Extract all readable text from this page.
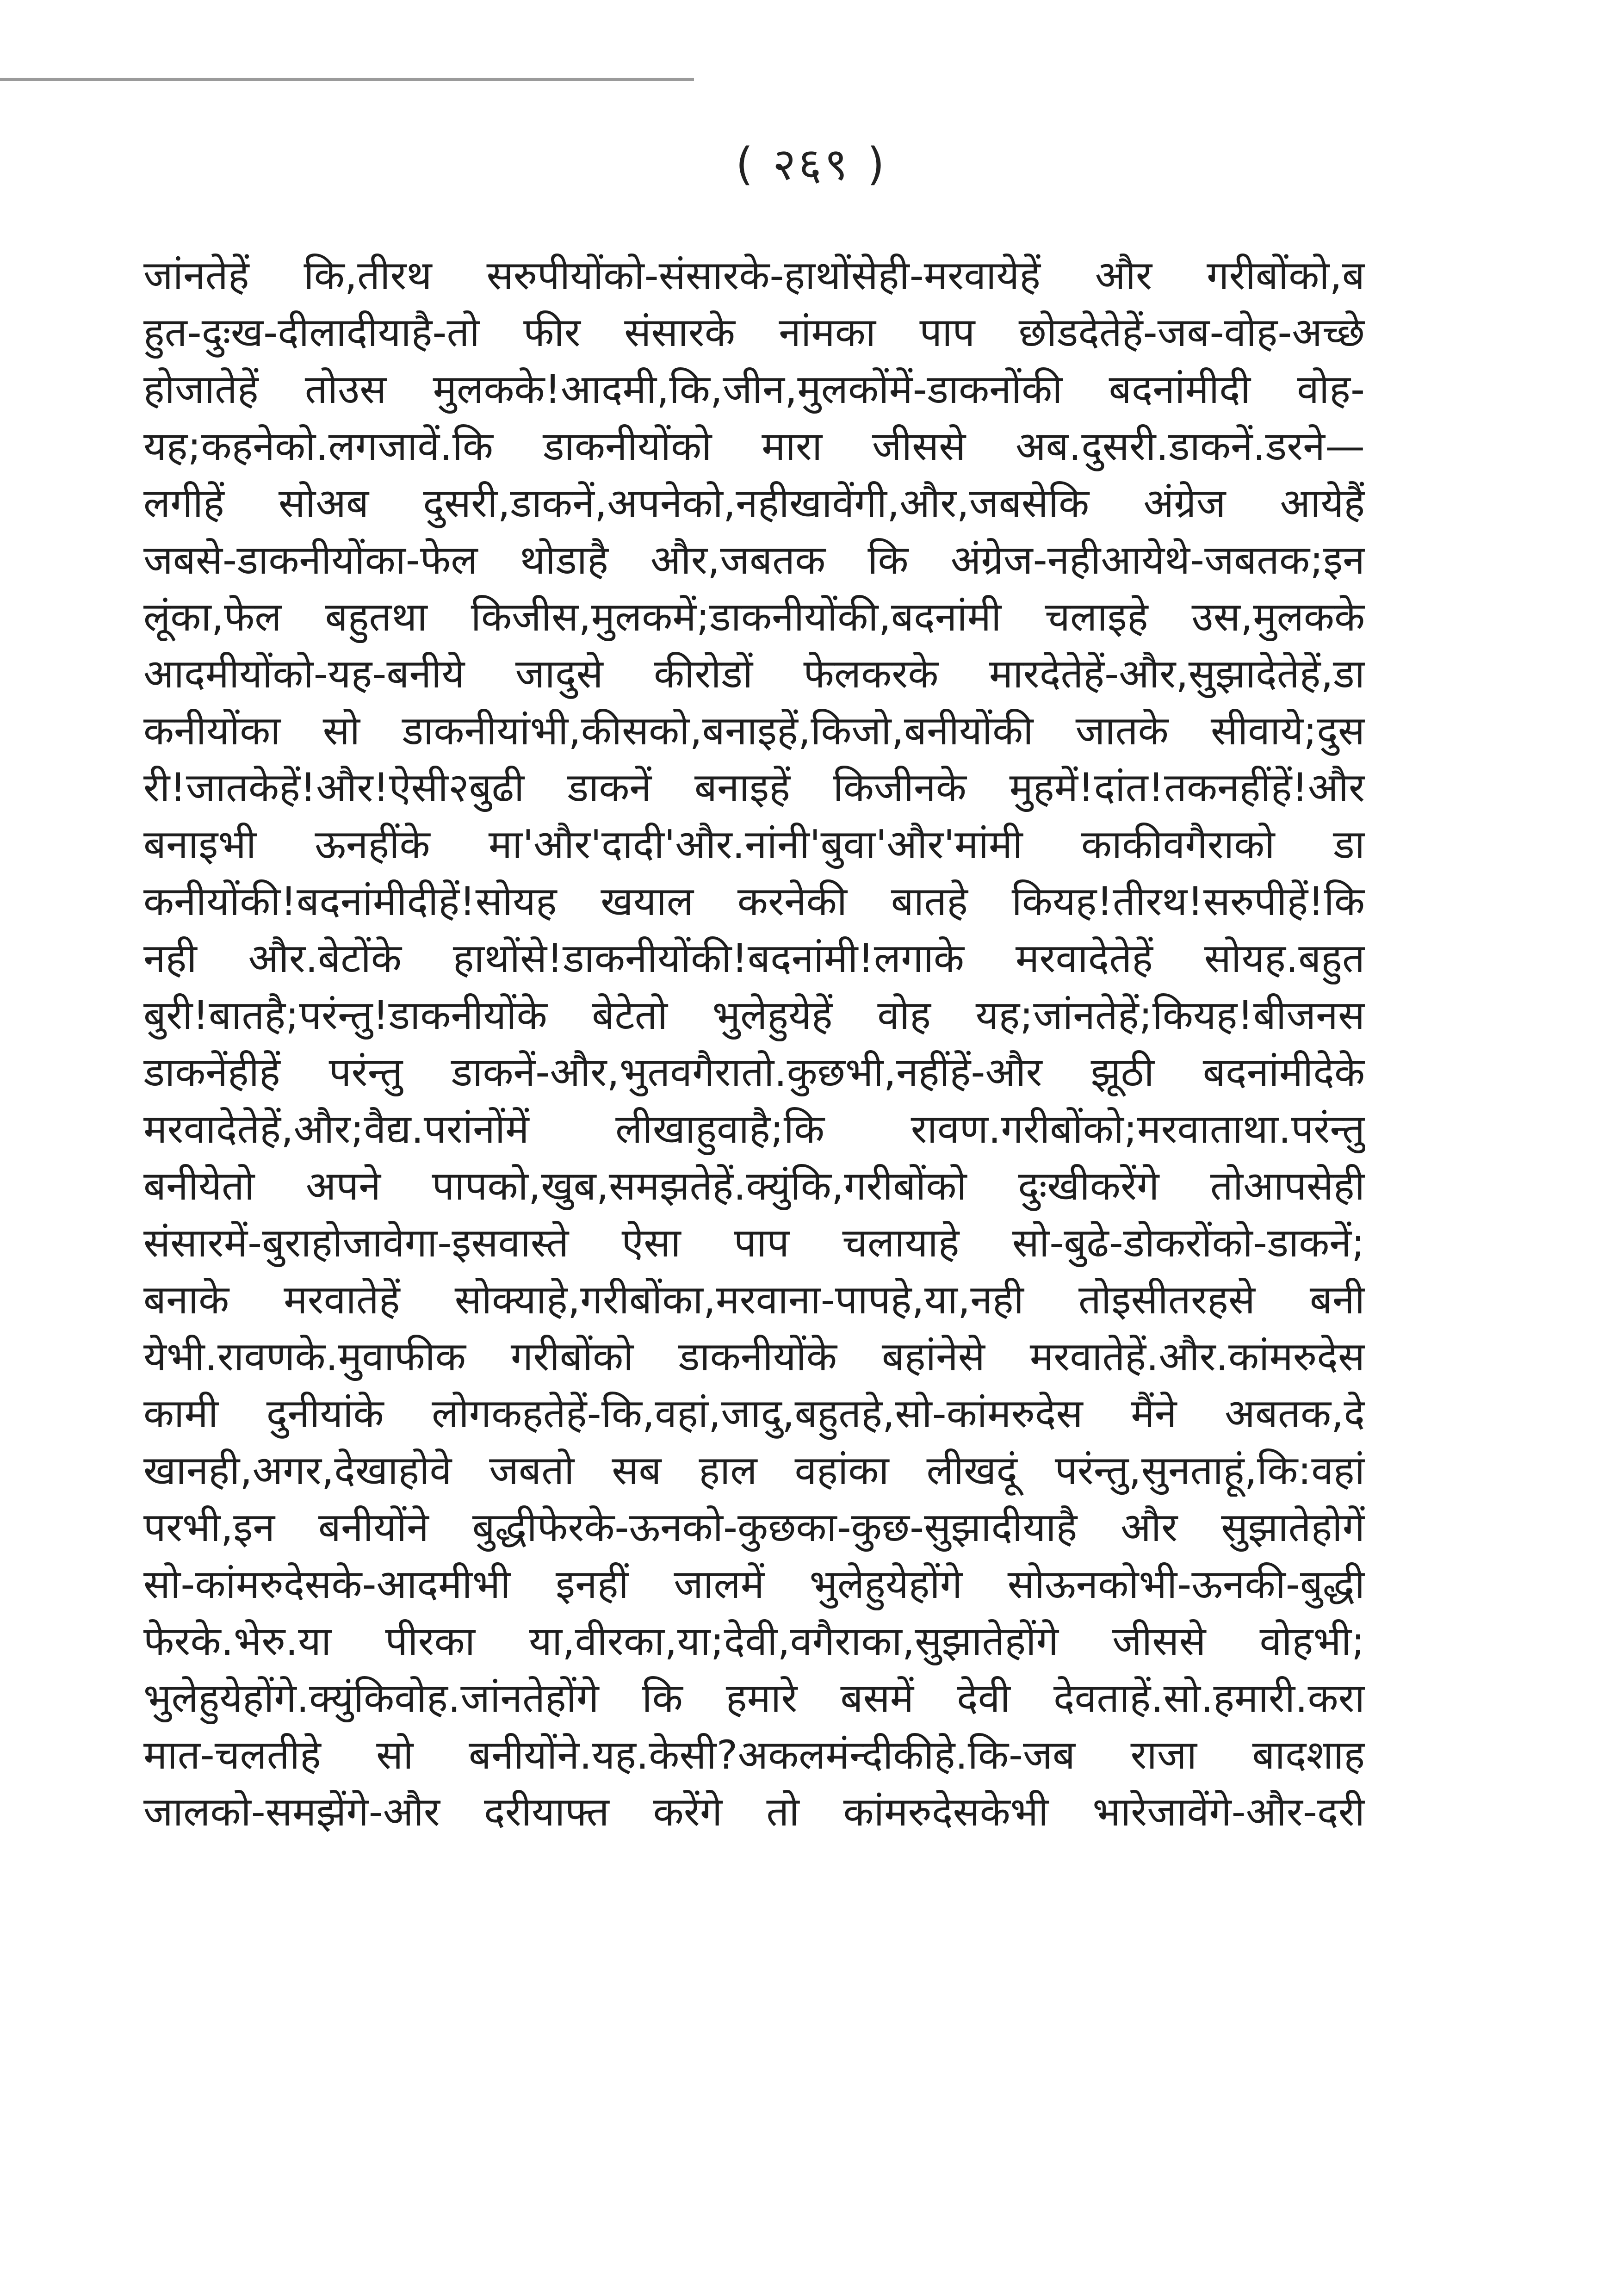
( २६९ )
जांनतेहें कि,तीरथ सरुपीयोंको-संसारके-हाथोंसेही-मरवायेहें और गरीबोंको,ब
हुत-दुःख-दीलादीयाहै-तो फीर संसारके नांमका पाप छोडदेतेहें-जब-वोह-अच्छे
होजातेहें तोउस मुलकके!आदमी,कि,जीन,मुलकोंमें-डाकनोंकी बदनांमीदी वोह-
यह;कहनेको.लगजावें.कि डाकनीयोंको मारा जीससे अब.दुसरी.डाकनें.डरने—
लगीहें सोअब दुसरी,डाकनें,अपनेको,नहीखावेंगी,और,जबसेकि अंग्रेज आयेहैं
जबसे-डाकनीयोंका-फेल थोडाहै और,जबतक कि अंग्रेज-नहीआयेथे-जबतक;इन
लूंका,फेल बहुतथा किजीस,मुलकमें;डाकनीयोंकी,बदनांमी चलाइहे उस,मुलकके
आदमीयोंको-यह-बनीये जादुसे कीरोडों फेलकरके मारदेतेहें-और,सुझादेतेहें,डा
कनीयोंका सो डाकनीयांभी,कीसको,बनाइहें,किजो,बनीयोंकी जातके सीवाये;दुस
री!जातकेहें!और!ऐसी२बुढी डाकनें बनाइहें किजीनके मुहमें!दांत!तकनहींहें!और
बनाइभी ऊनहींके मा'और'दादी'और.नांनी'बुवा'और'मांमी काकीवगैराको डा
कनीयोंकी!बदनांमीदीहें!सोयह खयाल करनेकी बातहे कियह!तीरथ!सरुपीहें!कि
नही और.बेटोंके हाथोंसे!डाकनीयोंकी!बदनांमी!लगाके मरवादेतेहें सोयह.बहुत
बुरी!बातहै;परंन्तु!डाकनीयोंके बेटेतो भुलेहुयेहें वोह यह;जांनतेहें;कियह!बीजनस
डाकनेंहीहें परंन्तु डाकनें-और,भुतवगैरातो.कुछभी,नहींहें-और झूठी बदनांमीदेके
मरवादेतेहें,और;वैद्य.परांनोंमें लीखाहुवाहै;कि रावण.गरीबोंको;मरवाताथा.परंन्तु
बनीयेतो अपने पापको,खुब,समझतेहें.क्युंकि,गरीबोंको दुःखीकरेंगे तोआपसेही
संसारमें-बुराहोजावेगा-इसवास्ते ऐसा पाप चलायाहे सो-बुढे-डोकरोंको-डाकनें;
बनाके मरवातेहें सोक्याहे,गरीबोंका,मरवाना-पापहे,या,नही तोइसीतरहसे बनी
येभी.रावणके.मुवाफीक गरीबोंको डाकनीयोंके बहांनेसे मरवातेहें.और.कांमरुदेस
कामी दुनीयांके लोगकहतेहें-कि,वहां,जादु,बहुतहे,सो-कांमरुदेस मैंने अबतक,दे
खानही,अगर,देखाहोवे जबतो सब हाल वहांका लीखदूं परंन्तु,सुनताहूं,कि:वहां
परभी,इन बनीयोंने बुद्धीफेरके-ऊनको-कुछका-कुछ-सुझादीयाहै और सुझातेहोगें
सो-कांमरुदेसके-आदमीभी इनहीं जालमें भुलेहुयेहोंगे सोऊनकोभी-ऊनकी-बुद्धी
फेरके.भेरु.या पीरका या,वीरका,या;देवी,वगैराका,सुझातेहोंगे जीससे वोहभी;
भुलेहुयेहोंगे.क्युंकिवोह.जांनतेहोंगे कि हमारे बसमें देवी देवताहें.सो.हमारी.करा
मात-चलतीहे सो बनीयोंने.यह.केसी?अकलमंन्दीकीहे.कि-जब राजा बादशाह
जालको-समझेंगे-और दरीयाफ्त करेंगे तो कांमरुदेसकेभी भारेजावेंगे-और-दरी
